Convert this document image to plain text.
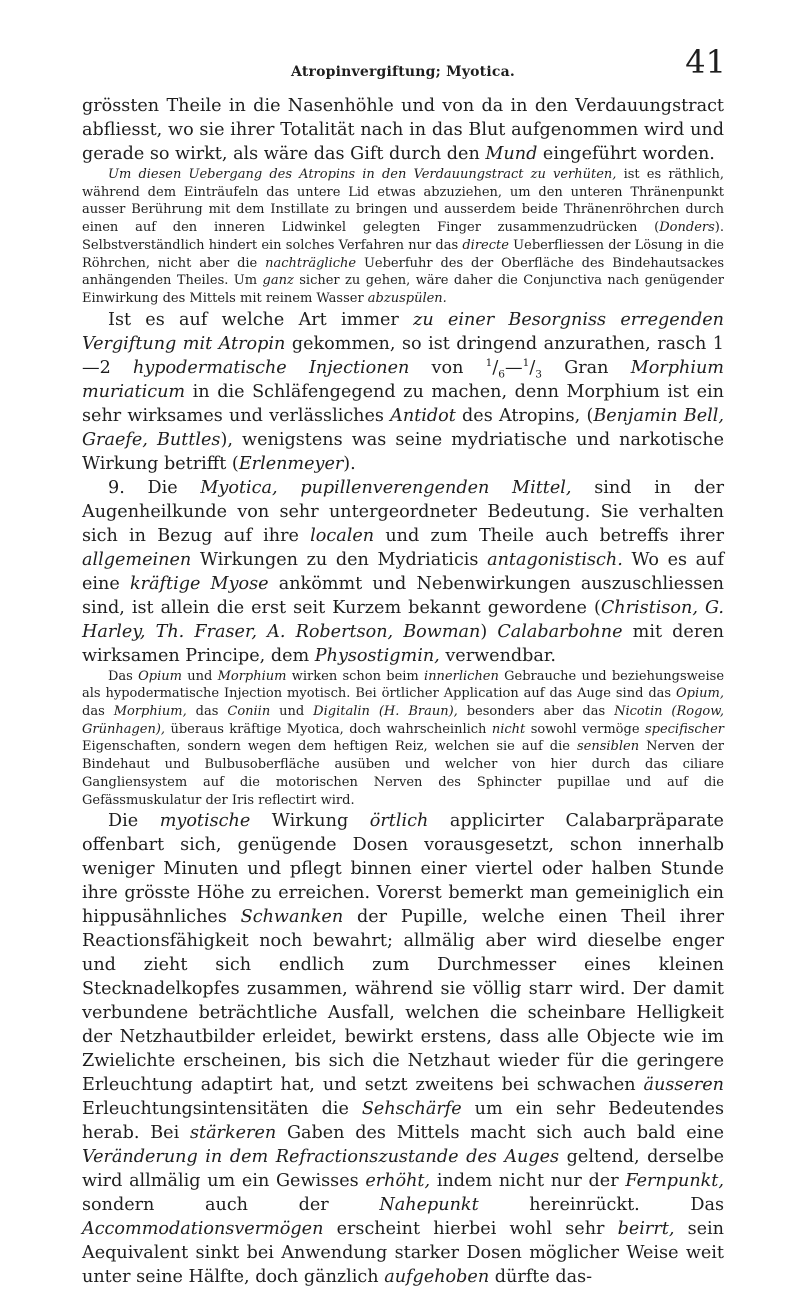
Atropinvergiftung; Myotica.	41

grössten Theile in die Nasenhöhle und von da in den Verdauungstract abfliesst, wo sie ihrer Totalität nach in das Blut aufgenommen wird und gerade so wirkt, als wäre das Gift durch den Mund eingeführt worden.

Um diesen Uebergang des Atropins in den Verdauungstract zu verhüten, ist es räthlich, während dem Einträufeln das untere Lid etwas abzuziehen, um den unteren Thränenpunkt ausser Berührung mit dem Instillate zu bringen und ausserdem beide Thränenröhrchen durch einen auf den inneren Lidwinkel gelegten Finger zusammenzudrücken (Donders). Selbstverständlich hindert ein solches Verfahren nur das directe Ueberfliessen der Lösung in die Röhrchen, nicht aber die nachträgliche Ueberfuhr des der Oberfläche des Bindehautsackes anhängenden Theiles. Um ganz sicher zu gehen, wäre daher die Conjunctiva nach genügender Einwirkung des Mittels mit reinem Wasser abzuspülen.

Ist es auf welche Art immer zu einer Besorgniss erregenden Vergiftung mit Atropin gekommen, so ist dringend anzurathen, rasch 1—2 hypodermatische Injectionen von $^1/_6—^1/_3$ Gran Morphium muriaticum in die Schläfengegend zu machen, denn Morphium ist ein sehr wirksames und verlässliches Antidot des Atropins, (Benjamin Bell, Graefe, Buttles), wenigstens was seine mydriatische und narkotische Wirkung betrifft (Erlenmeyer).

9. Die Myotica, pupillenverengenden Mittel, sind in der Augenheilkunde von sehr untergeordneter Bedeutung. Sie verhalten sich in Bezug auf ihre localen und zum Theile auch betreffs ihrer allgemeinen Wirkungen zu den Mydriaticis antagonistisch. Wo es auf eine kräftige Myose ankömmt und Nebenwirkungen auszuschliessen sind, ist allein die erst seit Kurzem bekannt gewordene (Christison, G. Harley, Th. Fraser, A. Robertson, Bowman) Calabarbohne mit deren wirksamen Principe, dem Physostigmin, verwendbar.

Das Opium und Morphium wirken schon beim innerlichen Gebrauche und beziehungsweise als hypodermatische Injection myotisch. Bei örtlicher Application auf das Auge sind das Opium, das Morphium, das Coniin und Digitalin (H. Braun), besonders aber das Nicotin (Rogow, Grünhagen), überaus kräftige Myotica, doch wahrscheinlich nicht sowohl vermöge specifischer Eigenschaften, sondern wegen dem heftigen Reiz, welchen sie auf die sensiblen Nerven der Bindehaut und Bulbusoberfläche ausüben und welcher von hier durch das ciliare Gangliensystem auf die motorischen Nerven des Sphincter pupillae und auf die Gefässmuskulatur der Iris reflectirt wird.

Die myotische Wirkung örtlich applicirter Calabarpräparate offenbart sich, genügende Dosen vorausgesetzt, schon innerhalb weniger Minuten und pflegt binnen einer viertel oder halben Stunde ihre grösste Höhe zu erreichen. Vorerst bemerkt man gemeiniglich ein hippusähnliches Schwanken der Pupille, welche einen Theil ihrer Reactionsfähigkeit noch bewahrt; allmälig aber wird dieselbe enger und zieht sich endlich zum Durchmesser eines kleinen Stecknadelkopfes zusammen, während sie völlig starr wird. Der damit verbundene beträchtliche Ausfall, welchen die scheinbare Helligkeit der Netzhautbilder erleidet, bewirkt erstens, dass alle Objecte wie im Zwielichte erscheinen, bis sich die Netzhaut wieder für die geringere Erleuchtung adaptirt hat, und setzt zweitens bei schwachen äusseren Erleuchtungsintensitäten die Sehschärfe um ein sehr Bedeutendes herab. Bei stärkeren Gaben des Mittels macht sich auch bald eine Veränderung in dem Refractionszustande des Auges geltend, derselbe wird allmälig um ein Gewisses erhöht, indem nicht nur der Fernpunkt, sondern auch der Nahepunkt hereinrückt. Das Accommodationsvermögen erscheint hierbei wohl sehr beirrt, sein Aequivalent sinkt bei Anwendung starker Dosen möglicher Weise weit unter seine Hälfte, doch gänzlich aufgehoben dürfte das-
